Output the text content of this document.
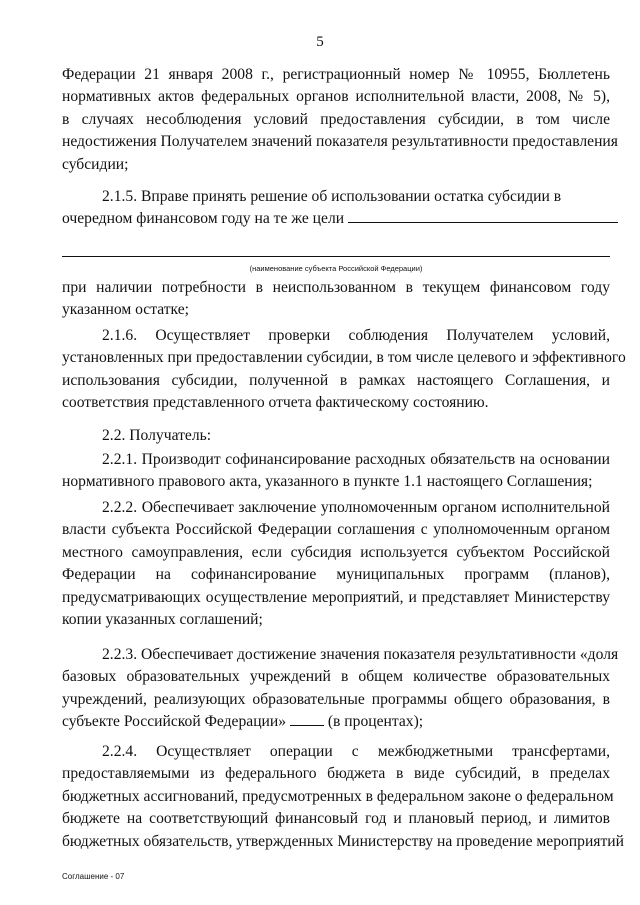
5
Федерации 21 января 2008 г., регистрационный номер № 10955, Бюллетень
нормативных актов федеральных органов исполнительной власти, 2008, № 5),
в случаях несоблюдения условий предоставления субсидии, в том числе
недостижения Получателем значений показателя результативности предоставления
субсидии;
2.1.5. Вправе принять решение об использовании остатка субсидии в
очередном финансовом году на те же цели
(наименование субъекта Российской Федерации)
при наличии потребности в неиспользованном в текущем финансовом году
указанном остатке;
2.1.6. Осуществляет проверки соблюдения Получателем условий,
установленных при предоставлении субсидии, в том числе целевого и эффективного
использования субсидии, полученной в рамках настоящего Соглашения, и
соответствия представленного отчета фактическому состоянию.
2.2. Получатель:
2.2.1. Производит софинансирование расходных обязательств на основании
нормативного правового акта, указанного в пункте 1.1 настоящего Соглашения;
2.2.2. Обеспечивает заключение уполномоченным органом исполнительной
власти субъекта Российской Федерации соглашения с уполномоченным органом
местного самоуправления, если субсидия используется субъектом Российской
Федерации на софинансирование муниципальных программ (планов),
предусматривающих осуществление мероприятий, и представляет Министерству
копии указанных соглашений;
2.2.3. Обеспечивает достижение значения показателя результативности «доля
базовых образовательных учреждений в общем количестве образовательных
учреждений, реализующих образовательные программы общего образования, в
субъекте Российской Федерации»	(в процентах);
2.2.4. Осуществляет операции с межбюджетными трансфертами,
предоставляемыми из федерального бюджета в виде субсидий, в пределах
бюджетных ассигнований, предусмотренных в федеральном законе о федеральном
бюджете на соответствующий финансовый год и плановый период, и лимитов
бюджетных обязательств, утвержденных Министерству на проведение мероприятий
Соглашение - 07
